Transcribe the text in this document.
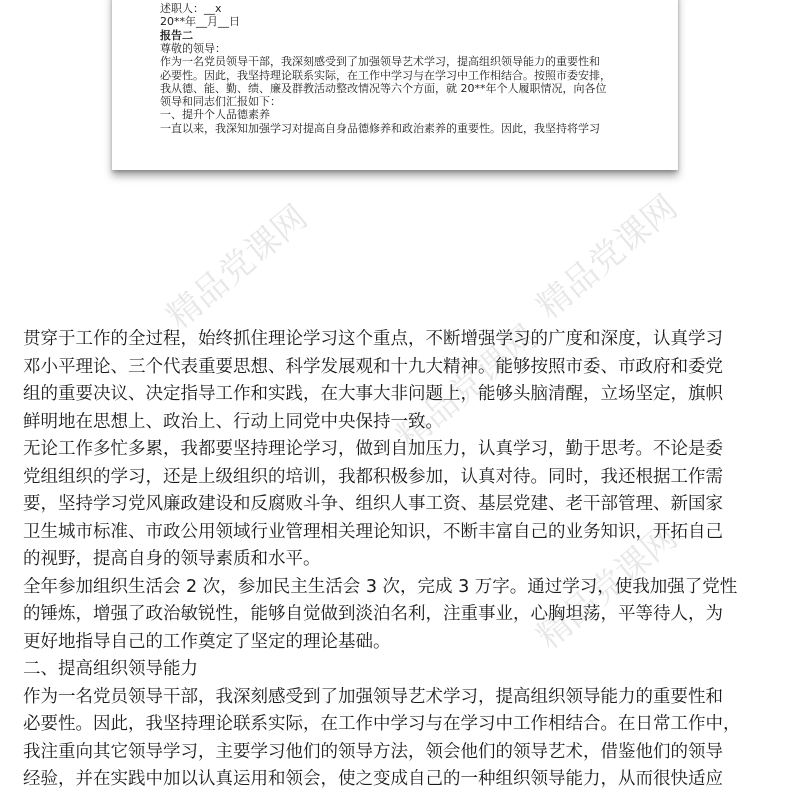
述职人：__x
20**年__月__日
报告二
尊敬的领导：
作为一名党员领导干部，我深刻感受到了加强领导艺术学习，提高组织领导能力的重要性和
必要性。因此，我坚持理论联系实际，在工作中学习与在学习中工作相结合。按照市委安排，
我从德、能、勤、绩、廉及群教活动整改情况等六个方面，就 20**年个人履职情况，向各位
领导和同志们汇报如下：
一、提升个人品德素养
一直以来，我深知加强学习对提高自身品德修养和政治素养的重要性。因此，我坚持将学习
精品党课网	精品党课网
精品党课网
精品党课网
贯穿于工作的全过程，始终抓住理论学习这个重点，不断增强学习的广度和深度，认真学习
邓小平理论、三个代表重要思想、科学发展观和十九大精神。能够按照市委、市政府和委党
组的重要决议、决定指导工作和实践，在大事大非问题上，能够头脑清醒，立场坚定，旗帜
鲜明地在思想上、政治上、行动上同党中央保持一致。
无论工作多忙多累，我都要坚持理论学习，做到自加压力，认真学习，勤于思考。不论是委
党组组织的学习，还是上级组织的培训，我都积极参加，认真对待。同时，我还根据工作需
要，坚持学习党风廉政建设和反腐败斗争、组织人事工资、基层党建、老干部管理、新国家
卫生城市标准、市政公用领域行业管理相关理论知识，不断丰富自己的业务知识，开拓自己
的视野，提高自身的领导素质和水平。
全年参加组织生活会 2 次，参加民主生活会 3 次，完成 3 万字。通过学习，使我加强了党性
的锤炼，增强了政治敏锐性，能够自觉做到淡泊名利，注重事业，心胸坦荡，平等待人，为
更好地指导自己的工作奠定了坚定的理论基础。
二、提高组织领导能力
作为一名党员领导干部，我深刻感受到了加强领导艺术学习，提高组织领导能力的重要性和
必要性。因此，我坚持理论联系实际，在工作中学习与在学习中工作相结合。在日常工作中，
我注重向其它领导学习，主要学习他们的领导方法，领会他们的领导艺术，借鉴他们的领导
经验，并在实践中加以认真运用和领会，使之变成自己的一种组织领导能力，从而很快适应
